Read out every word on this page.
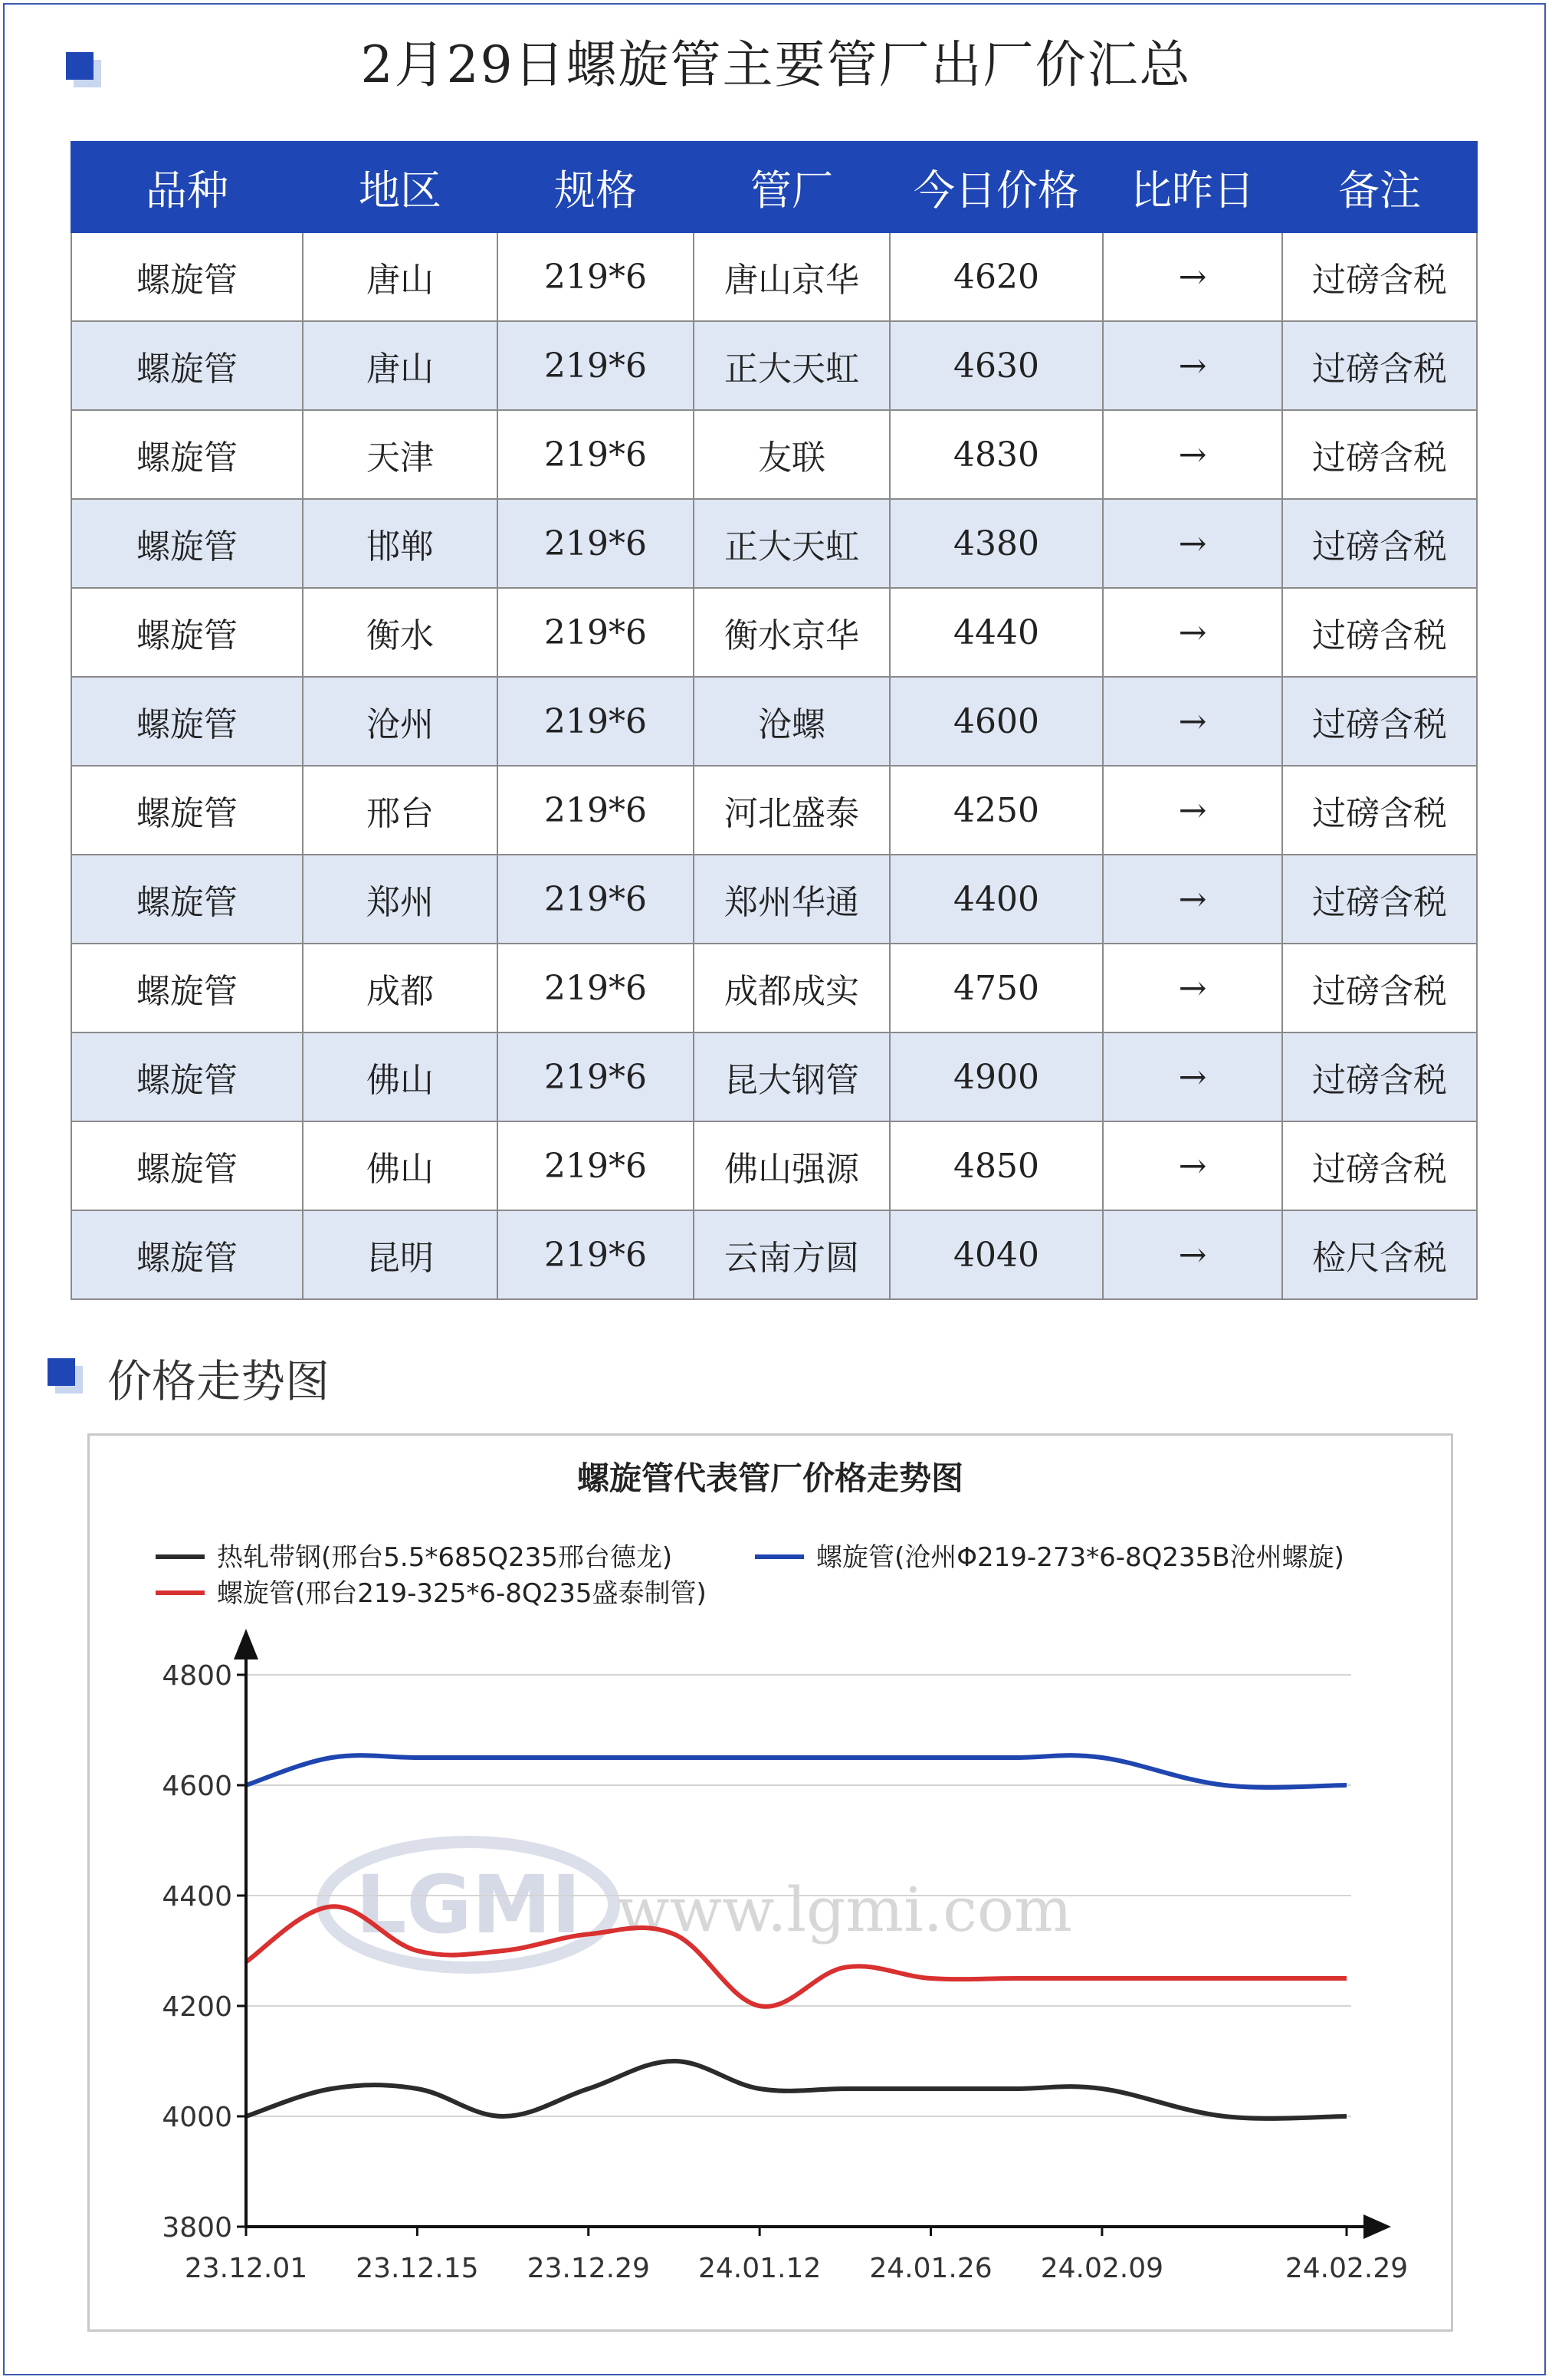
2月29日螺旋管主要管厂出厂价汇总
品种	地区	规格	管厂	今日价格	比昨日	备注
螺旋管	唐山	219*6	唐山京华	4620	→	过磅含税
螺旋管	唐山	219*6	正大天虹	4630	→	过磅含税
螺旋管	天津	219*6	友联	4830	→	过磅含税
螺旋管	邯郸	219*6	正大天虹	4380	→	过磅含税
螺旋管	衡水	219*6	衡水京华	4440	→	过磅含税
螺旋管	沧州	219*6	沧螺	4600	→	过磅含税
螺旋管	邢台	219*6	河北盛泰	4250	→	过磅含税
螺旋管	郑州	219*6	郑州华通	4400	→	过磅含税
螺旋管	成都	219*6	成都成实	4750	→	过磅含税
螺旋管	佛山	219*6	昆大钢管	4900	→	过磅含税
螺旋管	佛山	219*6	佛山强源	4850	→	过磅含税
螺旋管	昆明	219*6	云南方圆	4040	→	检尺含税
价格走势图
螺旋管代表管厂价格走势图
热轧带钢(邢台5.5*685Q235邢台德龙)	螺旋管(沧州Φ219-273*6-8Q235B沧州螺旋)
螺旋管(邢台219-325*6-8Q235盛泰制管)
LGMI www.lgmi.com
3800
4000
4200
4400
4600
4800
23.12.01 23.12.15 23.12.29 24.01.12 24.01.26 24.02.09	24.02.29
